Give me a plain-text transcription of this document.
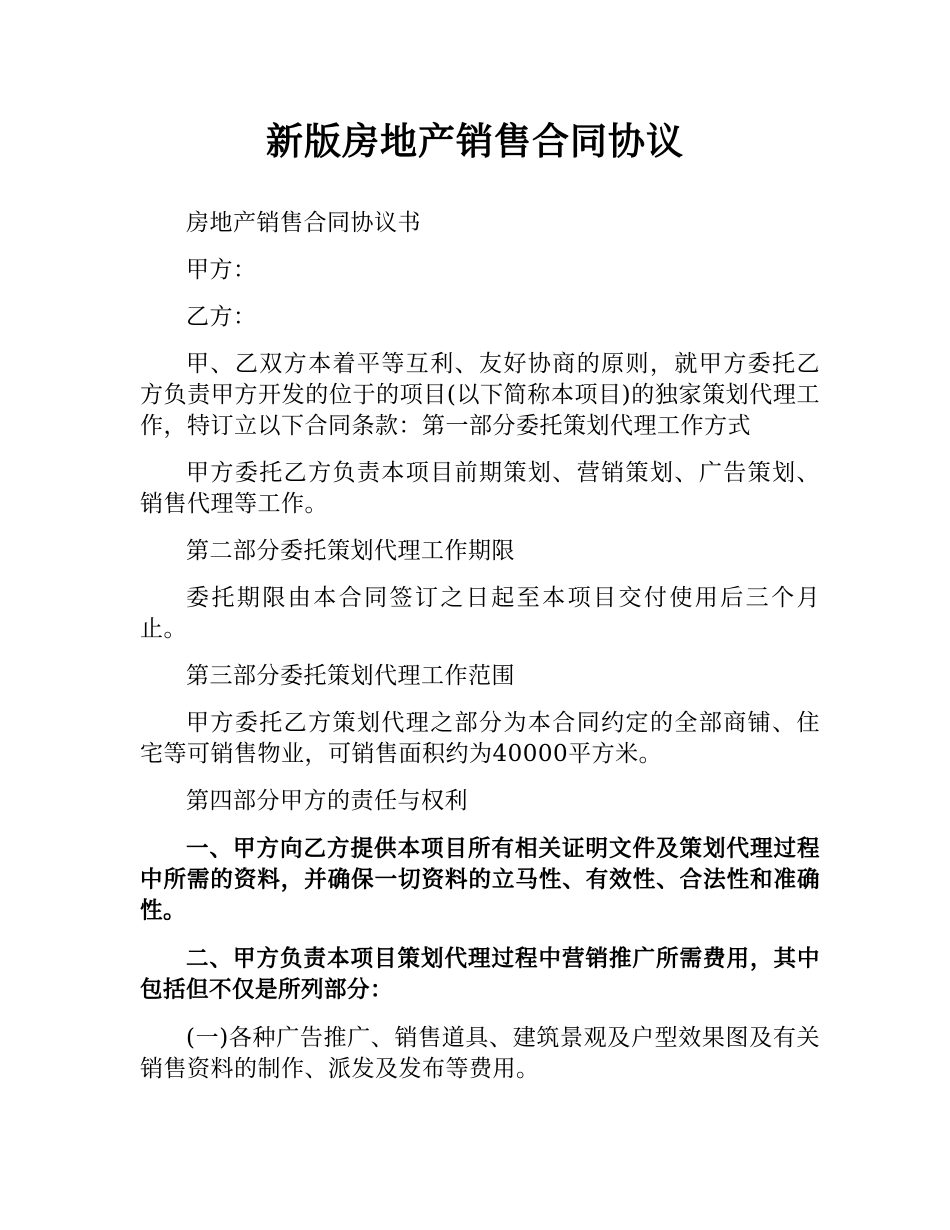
新版房地产销售合同协议

房地产销售合同协议书

甲方：

乙方：

甲、乙双方本着平等互利、友好协商的原则，就甲方委托乙方负责甲方开发的位于的项目(以下简称本项目)的独家策划代理工作，特订立以下合同条款：第一部分委托策划代理工作方式

甲方委托乙方负责本项目前期策划、营销策划、广告策划、销售代理等工作。

第二部分委托策划代理工作期限

委托期限由本合同签订之日起至本项目交付使用后三个月止。

第三部分委托策划代理工作范围

甲方委托乙方策划代理之部分为本合同约定的全部商铺、住宅等可销售物业，可销售面积约为40000平方米。

第四部分甲方的责任与权利

一、甲方向乙方提供本项目所有相关证明文件及策划代理过程中所需的资料，并确保一切资料的立马性、有效性、合法性和准确性。

二、甲方负责本项目策划代理过程中营销推广所需费用，其中包括但不仅是所列部分：

(一)各种广告推广、销售道具、建筑景观及户型效果图及有关销售资料的制作、派发及发布等费用。
